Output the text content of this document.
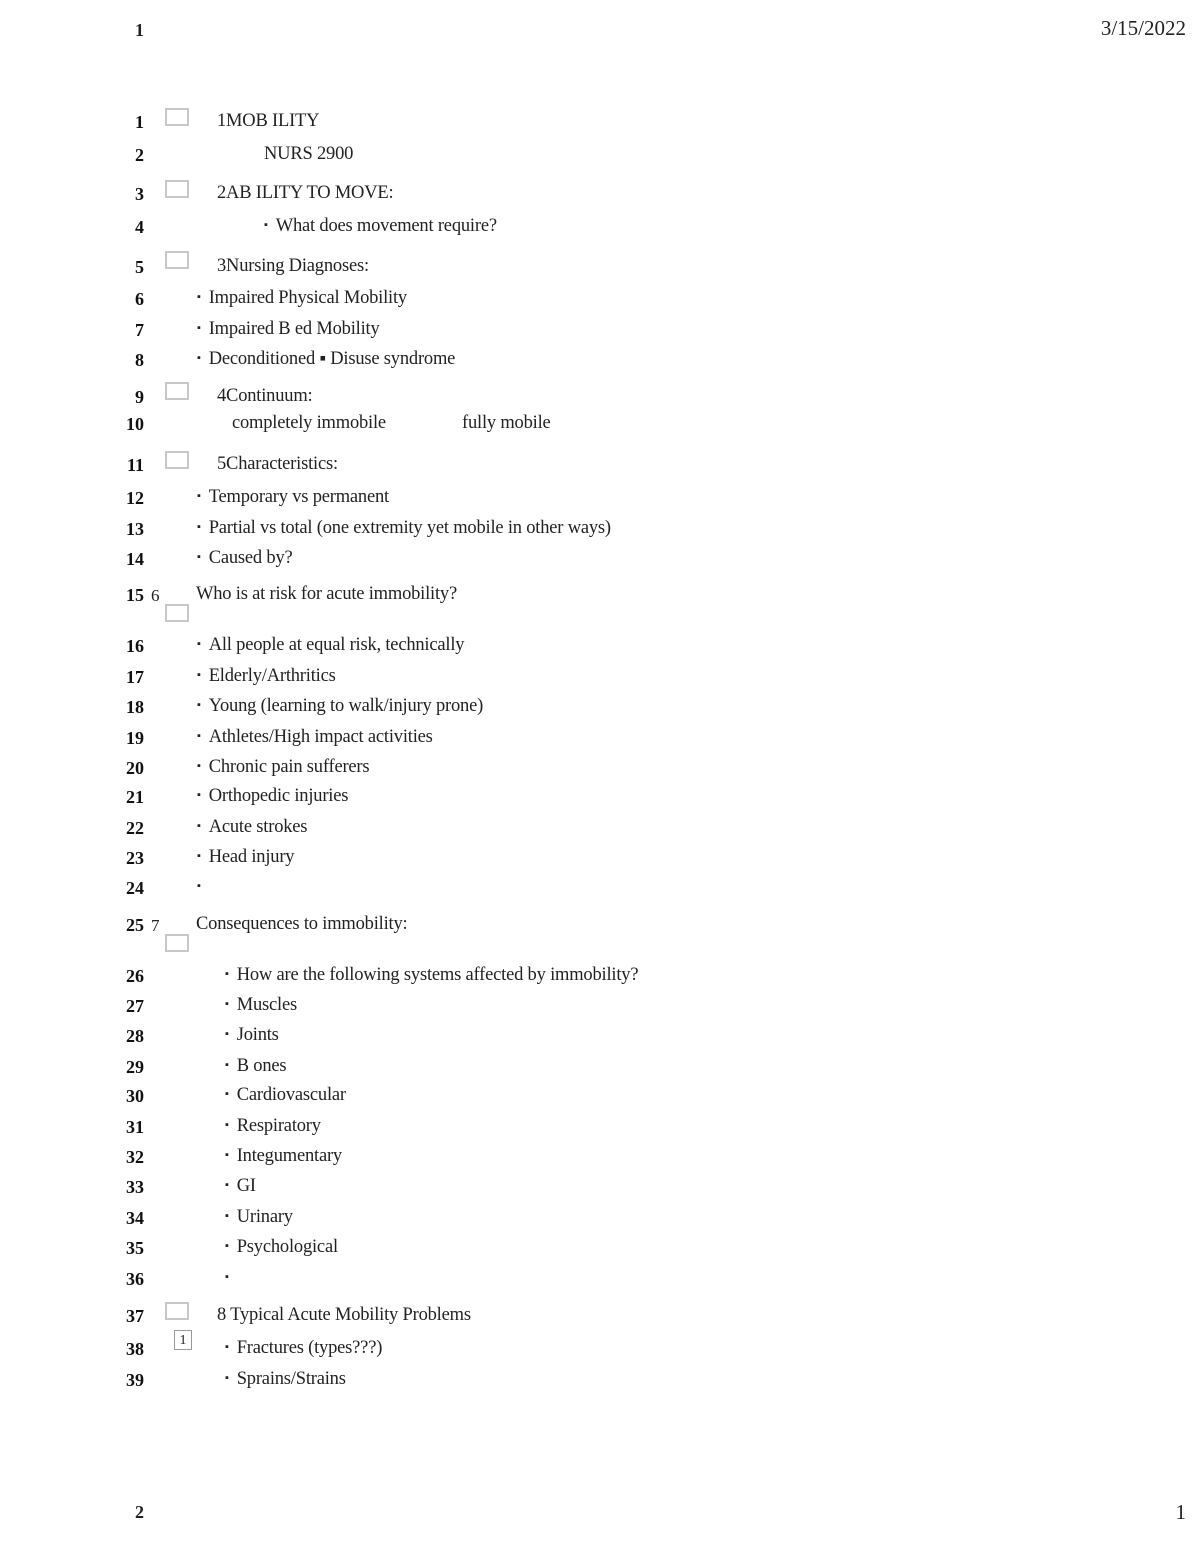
1	3/15/2022
1
2
3
4
5
6
7
8
9
10
11
12
13
14
15
16
17
18
19
20
21
22
23
24
25
26
27
28
29
30
31
32
33
34
35
36
37
38
39
1MOB ILITY
NURS 2900
2AB ILITY TO MOVE:
▪ What does movement require?
3Nursing Diagnoses:
▪ Impaired Physical Mobility
▪ Impaired B ed Mobility
▪ Deconditioned ▪ Disuse syndrome
4Continuum:
completely immobile	fully mobile
5Characteristics:
▪ Temporary vs permanent
▪ Partial vs total (one extremity yet mobile in other ways)
▪ Caused by?
6 Who is at risk for acute immobility?
▪ All people at equal risk, technically
▪ Elderly/Arthritics
▪ Young (learning to walk/injury prone)
▪ Athletes/High impact activities
▪ Chronic pain sufferers
▪ Orthopedic injuries
▪ Acute strokes
▪ Head injury
▪
7 Consequences to immobility:
▪ How are the following systems affected by immobility?
▪ Muscles
▪ Joints
▪ B ones
▪ Cardiovascular
▪ Respiratory
▪ Integumentary
▪ GI
▪ Urinary
▪ Psychological
▪
8 Typical Acute Mobility Problems
1
▪	Fractures (types???)
▪ Sprains/Strains
2	1
